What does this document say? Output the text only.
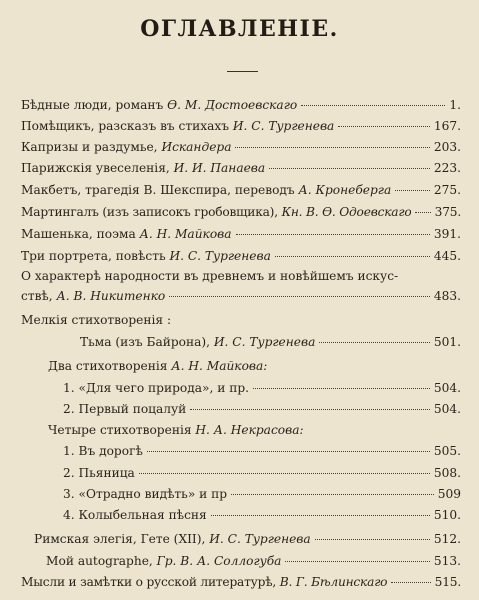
ОГЛАВЛЕНІЕ.
Бѣдные люди, романъ Ѳ. М. Достоевскаго	1.
Помѣщикъ, разсказъ въ стихахъ И. С. Тургенева	167.
Капризы и раздумье, Искандера	203.
Парижскія увеселенія, И. И. Панаева	223.
Макбетъ, трагедія В. Шекспира, переводъ А. Кронеберга	275.
Мартингалъ (изъ записокъ гробовщика), Кн. В. Ѳ. Одоевскаго 375.
Машенька, поэма А. Н. Майкова	391.
Три портрета, повѣсть И. С. Тургенева	445.
О характерѣ народности въ древнемъ и новѣйшемъ искус-
ствѣ, А. В. Никитенко	483.
Мелкія стихотворенія :
Тьма (изъ Байрона), И. С. Тургенева	501.
Два стихотворенія А. Н. Майкова:
1. «Для чего природа», и пр.	504.
2. Первый поцалуй	504.
Четыре стихотворенія Н. А. Некрасова:
1. Въ дорогѣ	505.
2. Пьяница	508.
3. «Отрадно видѣть» и пр	509
4. Колыбельная пѣсня	510.
Римская элегія, Гете (XII), И. С. Тургенева	512.
Мой autographe, Гр. В. А. Соллогуба	513.
Мысли и замѣтки о русской литературѣ, В. Г. Бѣлинскаго	515.
